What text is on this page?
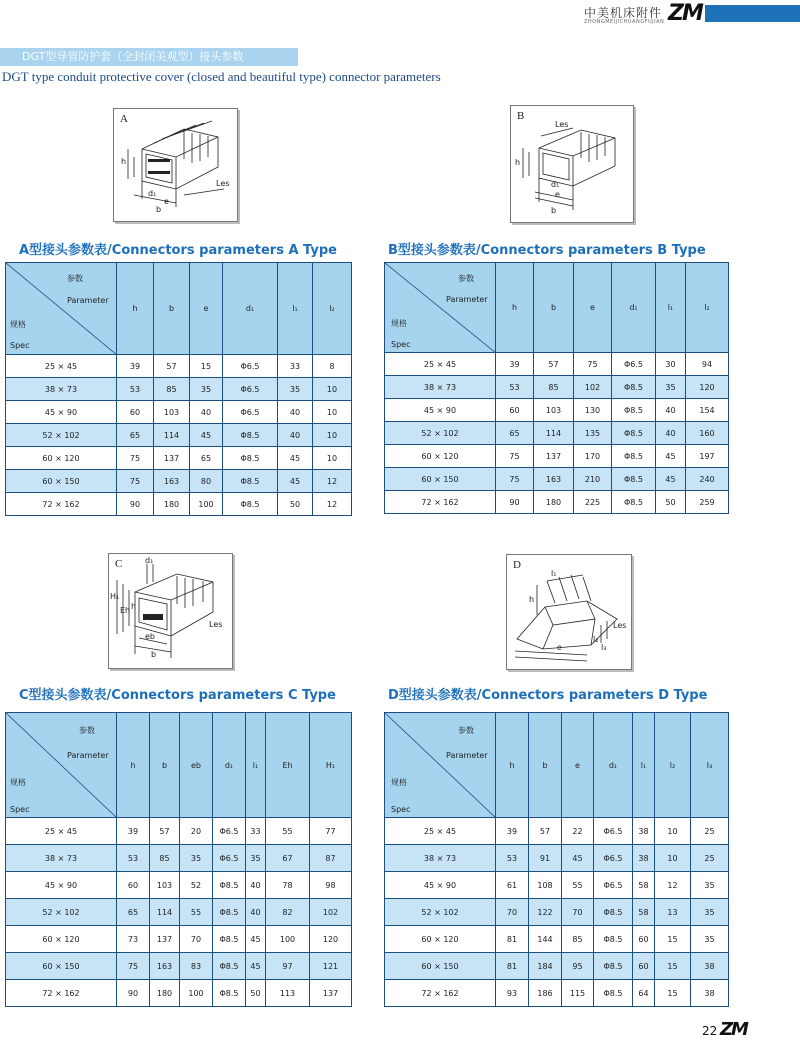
中美机床附件
ZHONGMEIJICHUANGFUJIAN ZM
DGT型导管防护套（全封闭美观型）接头参数
DGT type conduit protective cover (closed and beautiful type) connector parameters
A
h
b
d₁
e
Les
B
Les
h
b
e
d₁
A型接头参数表/Connectors parameters A Type
参数
Parameter
规格
Spec	h	b	e	d₁	l₁	l₂
25 × 45	39	57	15	Φ6.5	33	8
38 × 73	53	85	35	Φ6.5	35	10
45 × 90	60	103	40	Φ6.5	40	10
52 × 102	65	114	45	Φ8.5	40	10
60 × 120	75	137	65	Φ8.5	45	10
60 × 150	75	163	80	Φ8.5	45	12
72 × 162	90	180	100	Φ8.5	50	12
B型接头参数表/Connectors parameters B Type
参数
Parameter
规格
Spec	h	b	e	d₁	l₁	l₂
25 × 45	39	57	75	Φ6.5	30	94
38 × 73	53	85	102	Φ8.5	35	120
45 × 90	60	103	130	Φ8.5	40	154
52 × 102	65	114	135	Φ8.5	40	160
60 × 120	75	137	170	Φ8.5	45	197
60 × 150	75	163	210	Φ8.5	45	240
72 × 162	90	180	225	Φ8.5	50	259
C	d₁
H₁
Eh h
eb
b
Les
D
l₁
h
e
l₂
l₃
Les
C型接头参数表/Connectors parameters C Type
参数
Parameter
规格
Spec	h	b	eb	d₁	l₁	Eh	H₁
25 × 45	39	57	20	Φ6.5	33	55	77
38 × 73	53	85	35	Φ6.5	35	67	87
45 × 90	60	103	52	Φ8.5	40	78	98
52 × 102	65	114	55	Φ8.5	40	82	102
60 × 120	73	137	70	Φ8.5	45	100	120
60 × 150	75	163	83	Φ8.5	45	97	121
72 × 162	90	180	100	Φ8.5	50	113	137
D型接头参数表/Connectors parameters D Type
参数
Parameter
规格
Spec	h	b	e	d₁	l₁	l₂	l₃
25 × 45	39	57	22	Φ6.5	38	10	25
38 × 73	53	91	45	Φ6.5	38	10	25
45 × 90	61	108	55	Φ6.5	58	12	35
52 × 102	70	122	70	Φ8.5	58	13	35
60 × 120	81	144	85	Φ8.5	60	15	35
60 × 150	81	184	95	Φ8.5	60	15	38
72 × 162	93	186	115	Φ8.5	64	15	38
22 ZM
